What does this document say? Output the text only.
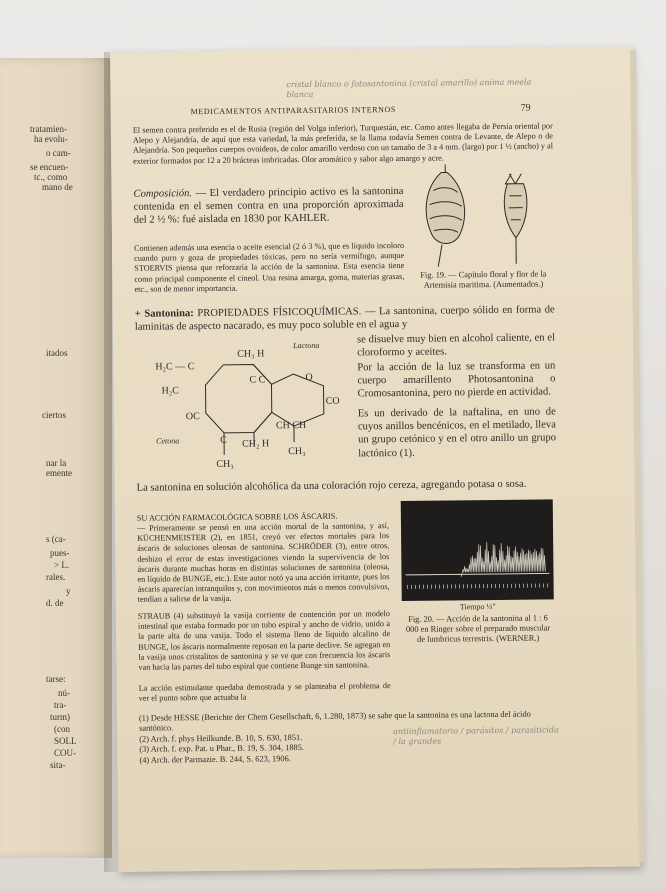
tratamien-
ha evolu-
o cam-
se encuen-
tc., como
mano de
itados
ciertos
nar la
emente
s (ca-
pues-
> L.
rales.
y
d. de
tarse:
nú-
tra-
turm)
(con
SOLL
COU-
sita-
cristal blanco o fotosantonina (cristal amarillo) anima meela blanca
MEDICAMENTOS ANTIPARASITARIOS INTERNOS	79
El semen contra preferido es el de Rusia (región del Volga inferior), Turquestán, etc. Como antes llegaba de Persia oriental por Alepo y Alejandría, de aquí que esta variedad, la más preferida, se la llama todavía Semen contra de Levante, de Alepo o de Alejandría. Son pequeños cuerpos ovoideos, de color amarillo verdoso con un tamaño de 3 a 4 mm. (largo) por 1 ½ (ancho) y al exterior formados por 12 a 20 brácteas imbricadas. Olor aromático y sabor algo amargo y acre.
Composición. — El verdadero principio activo es la santonina contenida en el semen contra en una proporción aproximada del 2 ½ %: fué aislada en 1830 por KAHLER.
Contienen además una esencia o aceite esencial (2 ó 3 %), que es líquido incoloro cuando puro y goza de propiedades tóxicas, pero no sería vermífugo, aunque STOERVIS piensa que reforzaría la acción de la santonina. Esta esencia tiene como principal componente el cineol. Una resina amarga, goma, materias grasas, etc., son de menor importancia.
Fig. 19. — Capítulo floral y flor de la Artemisia maritima. (Aumentados.)
+ Santonina: PROPIEDADES FÍSICOQUÍMICAS. — La santonina, cuerpo sólido en forma de laminitas de aspecto nacarado, es muy poco soluble en el agua y
Lactona
CH₃ H
H₂C — C
H₂C
C C	O
CO
OC
CH CH
Cetona	C CH₂ H
CH₃
CH₃
se disuelve muy bien en alcohol caliente, en el cloroformo y aceites.
Por la acción de la luz se transforma en un cuerpo amarillento Photosantonina o Cromosantonina, pero no pierde en actividad.
Es un derivado de la naftalina, en uno de cuyos anillos bencénicos, en el metilado, lleva un grupo cetónico y en el otro anillo un grupo lactónico (1).
La santonina en solución alcohólica da una coloración rojo cereza, agregando potasa o sosa.
SU ACCIÓN FARMACOLÓGICA SOBRE LOS ÁSCARIS.
— Primeramente se pensó en una acción mortal de la santonina, y así, KÜCHENMEISTER (2), en 1851, creyó ver efectos mortales para los áscaris de soluciones oleosas de santonina. SCHRÖDER (3), entre otros, deshizo el error de estas investigaciones viendo la supervivencia de los áscaris durante muchas horas en distintas soluciones de santonina (oleosa, en líquido de BUNGE, etc.). Este autor notó ya una acción irritante, pues los áscaris aparecían intranquilos y, con movimientos más o menos convulsivos, tendían a salirse de la vasija.
STRAUB (4) substituyó la vasija corriente de contención por un modelo intestinal que estaba formado por un tubo espiral y ancho de vidrio, unido a la parte alta de una vasija. Todo el sistema lleno de líquido alcalino de BUNGE, los áscaris normalmente reposan en la parte declive. Se agregan en la vasija unos cristalitos de santonina y se ve que con frecuencia los áscaris van hacia las partes del tubo espiral que contiene Bunge sin santonina.
La acción estimulante quedaba demostrada y se planteaba el problema de ver el punto sobre que actuaba la
Tiempo ⅓"
Fig. 20. — Acción de la santonina al 1 : 6 000 en Ringer sobre el preparado muscular de lumbricus terrestris. (WERNER.)
(1) Desde HESSE (Berichte der Chem Gesellschaft, 6, 1.280, 1873) se sabe que la santonina es una lactona del ácido santónico.
(2) Arch. f. phys Heilkunde. B. 10, S. 630, 1851.
(3) Arch. f. exp. Pat. u Phar., B. 19, S. 304, 1885.
(4) Arch. der Parmazie. B. 244, S. 623, 1906.
antiinflamatorio / parásitos / parasiticida / la grandes
